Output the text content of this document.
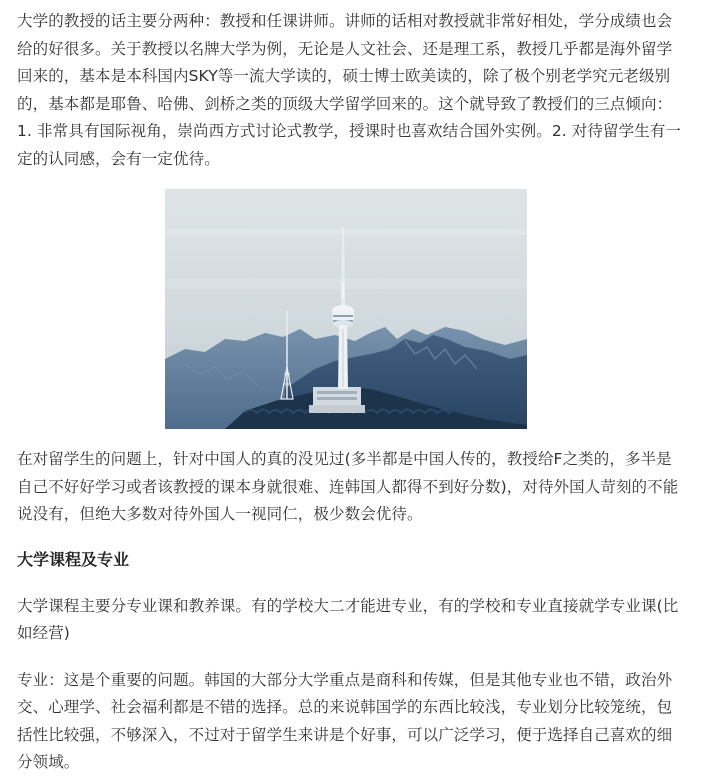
大学的教授的话主要分两种：教授和任课讲师。讲师的话相对教授就非常好相处，学分成绩也会给的好很多。关于教授以名牌大学为例，无论是人文社会、还是理工系，教授几乎都是海外留学回来的，基本是本科国内SKY等一流大学读的，硕士博士欧美读的，除了极个别老学究元老级别的，基本都是耶鲁、哈佛、剑桥之类的顶级大学留学回来的。这个就导致了教授们的三点倾向：1. 非常具有国际视角，崇尚西方式讨论式教学，授课时也喜欢结合国外实例。2. 对待留学生有一定的认同感，会有一定优待。

在对留学生的问题上，针对中国人的真的没见过(多半都是中国人传的，教授给F之类的，多半是自己不好好学习或者该教授的课本身就很难、连韩国人都得不到好分数)，对待外国人苛刻的不能说没有，但绝大多数对待外国人一视同仁，极少数会优待。

大学课程及专业

大学课程主要分专业课和教养课。有的学校大二才能进专业，有的学校和专业直接就学专业课(比如经营)

专业：这是个重要的问题。韩国的大部分大学重点是商科和传媒，但是其他专业也不错，政治外交、心理学、社会福利都是不错的选择。总的来说韩国学的东西比较浅，专业划分比较笼统，包括性比较强，不够深入，不过对于留学生来讲是个好事，可以广泛学习，便于选择自己喜欢的细分领域。
